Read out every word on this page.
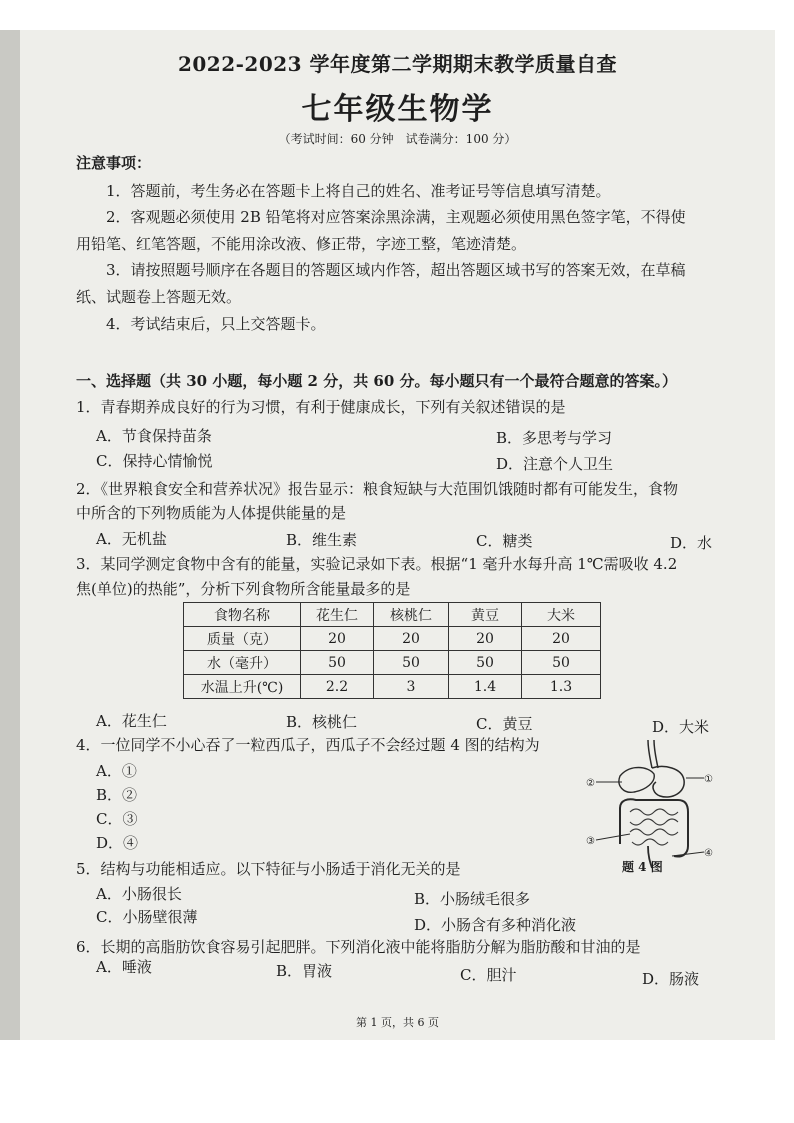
2022-2023 学年度第二学期期末教学质量自查
七年级生物学
（考试时间：60 分钟　试卷满分：100 分）
注意事项：
1．答题前，考生务必在答题卡上将自己的姓名、准考证号等信息填写清楚。
2．客观题必须使用 2B 铅笔将对应答案涂黑涂满，主观题必须使用黑色签字笔，不得使
用铅笔、红笔答题，不能用涂改液、修正带，字迹工整，笔迹清楚。
3．请按照题号顺序在各题目的答题区域内作答，超出答题区域书写的答案无效，在草稿
纸、试题卷上答题无效。
4．考试结束后，只上交答题卡。
一、选择题（共 30 小题，每小题 2 分，共 60 分。每小题只有一个最符合题意的答案。）
1．青春期养成良好的行为习惯，有利于健康成长，下列有关叙述错误的是
A．节食保持苗条	B．多思考与学习
C．保持心情愉悦	D．注意个人卫生
2．《世界粮食安全和营养状况》报告显示：粮食短缺与大范围饥饿随时都有可能发生，食物
中所含的下列物质能为人体提供能量的是
A．无机盐	B．维生素	C．糖类	D．水
3．某同学测定食物中含有的能量，实验记录如下表。根据“1 毫升水每升高 1℃需吸收 4.2
焦(单位)的热能”，分析下列食物所含能量最多的是
食物名称	花生仁	核桃仁	黄豆	大米
质量（克）	20	20	20	20
水（毫升）	50	50	50	50
水温上升(℃)	2.2	3	1.4	1.3
A．花生仁	B．核桃仁	C．黄豆	D．大米
4．一位同学不小心吞了一粒西瓜子，西瓜子不会经过题 4 图的结构为
A．①
B．②
C．③
D．④
①
②
③
④
题 4 图
5．结构与功能相适应。以下特征与小肠适于消化无关的是
A．小肠很长	B．小肠绒毛很多
C．小肠壁很薄	D．小肠含有多种消化液
6．长期的高脂肪饮食容易引起肥胖。下列消化液中能将脂肪分解为脂肪酸和甘油的是
A．唾液	B．胃液	C．胆汁	D．肠液
第 1 页，共 6 页
